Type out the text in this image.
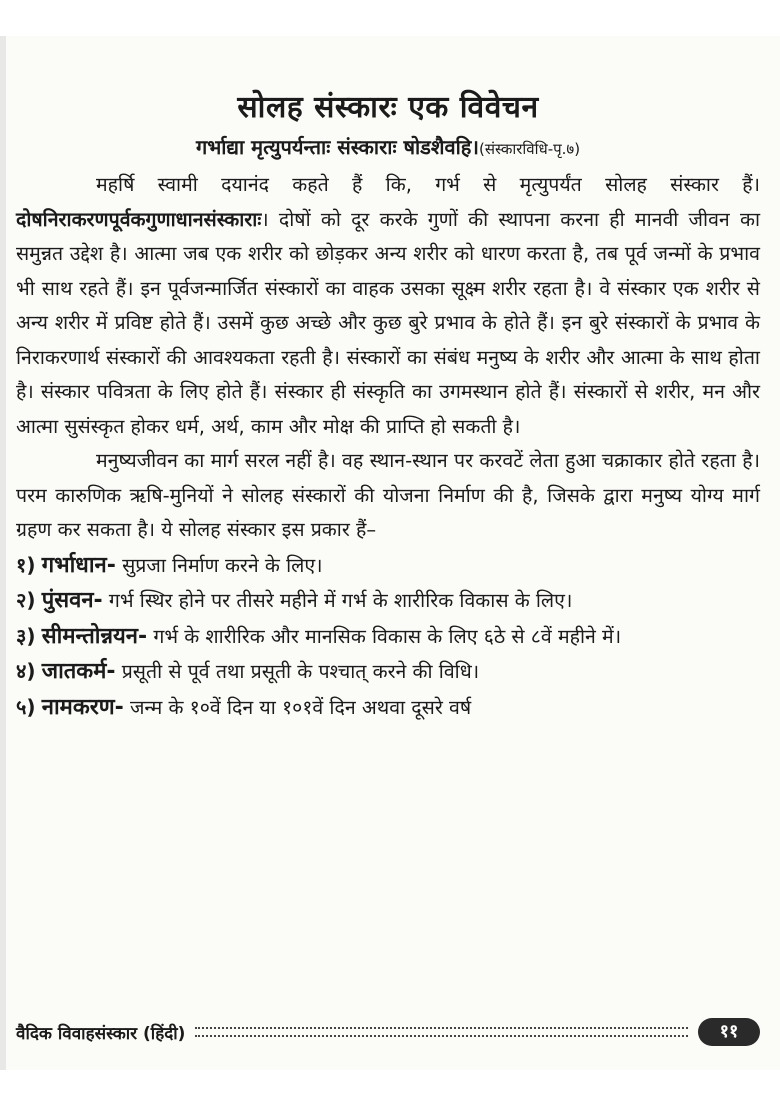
सोलह संस्कारः एक विवेचन
गर्भाद्या मृत्युपर्यन्ताः संस्काराः षोडशैवहि।(संस्कारविधि-पृ.७)

महर्षि स्वामी दयानंद कहते हैं कि, गर्भ से मृत्युपर्यंत सोलह संस्कार हैं। दोषनिराकरणपूर्वकगुणाधानसंस्काराः। दोषों को दूर करके गुणों की स्थापना करना ही मानवी जीवन का समुन्नत उद्देश है। आत्मा जब एक शरीर को छोड़कर अन्य शरीर को धारण करता है, तब पूर्व जन्मों के प्रभाव भी साथ रहते हैं। इन पूर्वजन्मार्जित संस्कारों का वाहक उसका सूक्ष्म शरीर रहता है। वे संस्कार एक शरीर से अन्य शरीर में प्रविष्ट होते हैं। उसमें कुछ अच्छे और कुछ बुरे प्रभाव के होते हैं। इन बुरे संस्कारों के प्रभाव के निराकरणार्थ संस्कारों की आवश्यकता रहती है। संस्कारों का संबंध मनुष्य के शरीर और आत्मा के साथ होता है। संस्कार पवित्रता के लिए होते हैं। संस्कार ही संस्कृति का उगमस्थान होते हैं। संस्कारों से शरीर, मन और आत्मा सुसंस्कृत होकर धर्म, अर्थ, काम और मोक्ष की प्राप्ति हो सकती है।

मनुष्यजीवन का मार्ग सरल नहीं है। वह स्थान-स्थान पर करवटें लेता हुआ चक्राकार होते रहता है। परम कारुणिक ऋषि-मुनियों ने सोलह संस्कारों की योजना निर्माण की है, जिसके द्वारा मनुष्य योग्य मार्ग ग्रहण कर सकता है। ये सोलह संस्कार इस प्रकार हैं–

१) गर्भाधान- सुप्रजा निर्माण करने के लिए।
२) पुंसवन- गर्भ स्थिर होने पर तीसरे महीने में गर्भ के शारीरिक विकास के लिए।
३) सीमन्तोन्नयन- गर्भ के शारीरिक और मानसिक विकास के लिए ६ठे से ८वें महीने में।
४) जातकर्म- प्रसूती से पूर्व तथा प्रसूती के पश्चात् करने की विधि।
५) नामकरण- जन्म के १०वें दिन या १०१वें दिन अथवा दूसरे वर्ष
वैदिक विवाहसंस्कार (हिंदी)	११
